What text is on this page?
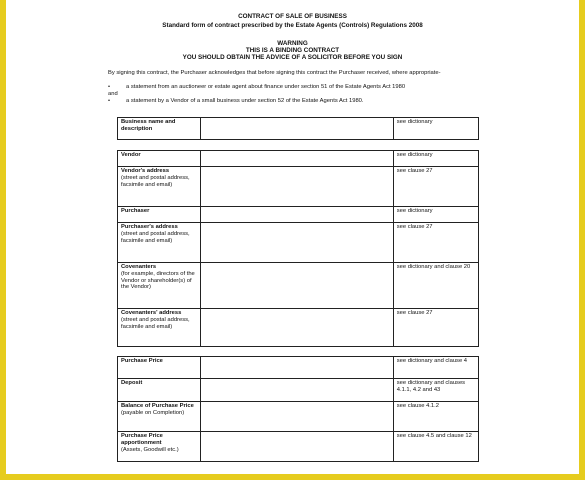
CONTRACT OF SALE OF BUSINESS
Standard form of contract prescribed by the Estate Agents (Controls) Regulations 2008
WARNING
THIS IS A BINDING CONTRACT
YOU SHOULD OBTAIN THE ADVICE OF A SOLICITOR BEFORE YOU SIGN
By signing this contract, the Purchaser acknowledges that before signing this contract the Purchaser received, where appropriate-
•	a statement from an auctioneer or estate agent about finance under section 51 of the Estate Agents Act 1980
and
•	a statement by a Vendor of a small business under section 52 of the Estate Agents Act 1980.
Business name and description		see dictionary
Vendor		see dictionary
Vendor's address
(street and postal address, facsimile and email)		see clause 27
Purchaser		see dictionary
Purchaser's address
(street and postal address, facsimile and email)		see clause 27
Covenanters
(for example, directors of the Vendor or shareholder(s) of the Vendor)		see dictionary and clause 20
Covenanters' address
(street and postal address, facsimile and email)		see clause 27
Purchase Price		see dictionary and clause 4
Deposit		see dictionary and clauses 4.1.1, 4.2 and 43
Balance of Purchase Price
(payable on Completion)		see clause 4.1.2
Purchase Price apportionment
(Assets, Goodwill etc.)		see clause 4.5 and clause 12
